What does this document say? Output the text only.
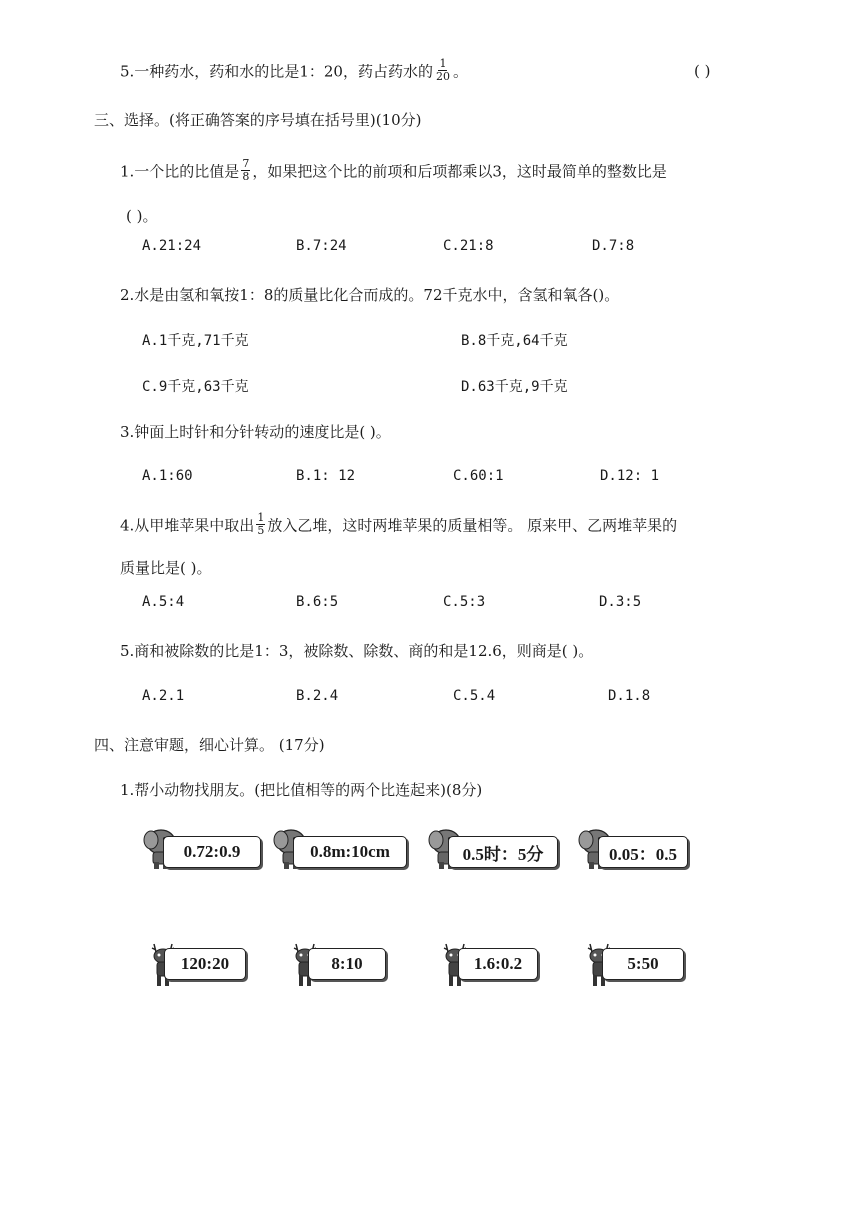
5.一种药水，药和水的比是1：20，药占药水的 $\frac{1}{20}$ 。	( )
三、选择。(将正确答案的序号填在括号里)(10分)
1.一个比的比值是 $\frac{7}{8}$ ，如果把这个比的前项和后项都乘以3，这时最简单的整数比是
( )。
A.21:24	B.7:24	C.21:8	D.7:8
2.水是由氢和氧按1：8的质量比化合而成的。72千克水中，含氢和氧各()。
A.1千克,71千克	B.8千克,64千克
C.9千克,63千克	D.63千克,9千克
3.钟面上时针和分针转动的速度比是( )。
A.1:60	B.1: 12	C.60:1	D.12: 1
4.从甲堆苹果中取出 $\frac{1}{5}$ 放入乙堆，这时两堆苹果的质量相等。 原来甲、乙两堆苹果的
质量比是( )。
A.5:4	B.6:5	C.5:3	D.3:5
5.商和被除数的比是1：3，被除数、除数、商的和是12.6，则商是( )。
A.2.1	B.2.4	C.5.4	D.1.8
四、注意审题，细心计算。 (17分)
1.帮小动物找朋友。(把比值相等的两个比连起来)(8分)
0.72:0.9	0.8m:10cm	0.5时：5分	0.05：0.5
120:20	8:10	1.6:0.2	5:50
